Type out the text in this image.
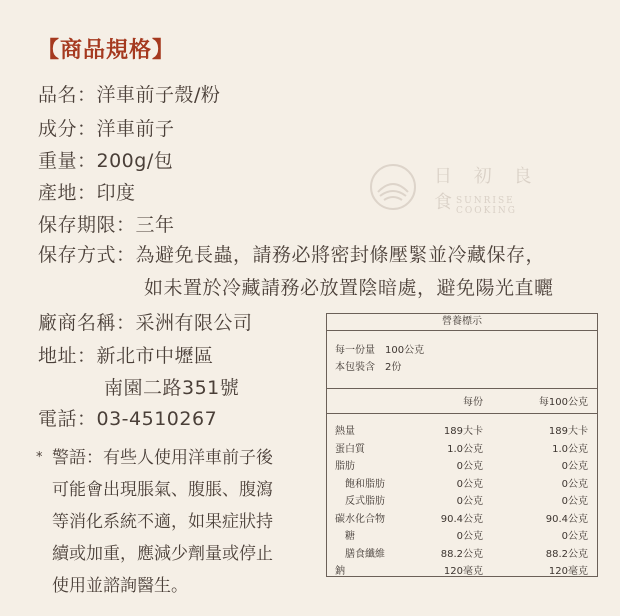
【商品規格】
品名：洋車前子殼/粉
成分：洋車前子
重量：200g/包
產地：印度
保存期限：三年
保存方式：為避免長蟲，請務必將密封條壓緊並冷藏保存，
如未置於冷藏請務必放置陰暗處，避免陽光直曬
廠商名稱：采洲有限公司
地址：新北市中壢區
南園二路351號
電話：03-4510267
日 初 良 食
SUNRISE COOKING
* 警語：有些人使用洋車前子後
可能會出現脹氣、腹脹、腹瀉
等消化系統不適，如果症狀持
續或加重，應減少劑量或停止
使用並諮詢醫生。
營養標示
每一份量　100公克
本包裝含　2份
每份	每100公克
熱量	189大卡	189大卡
蛋白質	1.0公克	1.0公克
脂肪	0公克	0公克
　飽和脂肪	0公克	0公克
　反式脂肪	0公克	0公克
碳水化合物	90.4公克	90.4公克
　糖	0公克	0公克
　膳食纖維	88.2公克	88.2公克
鈉	120毫克	120毫克
